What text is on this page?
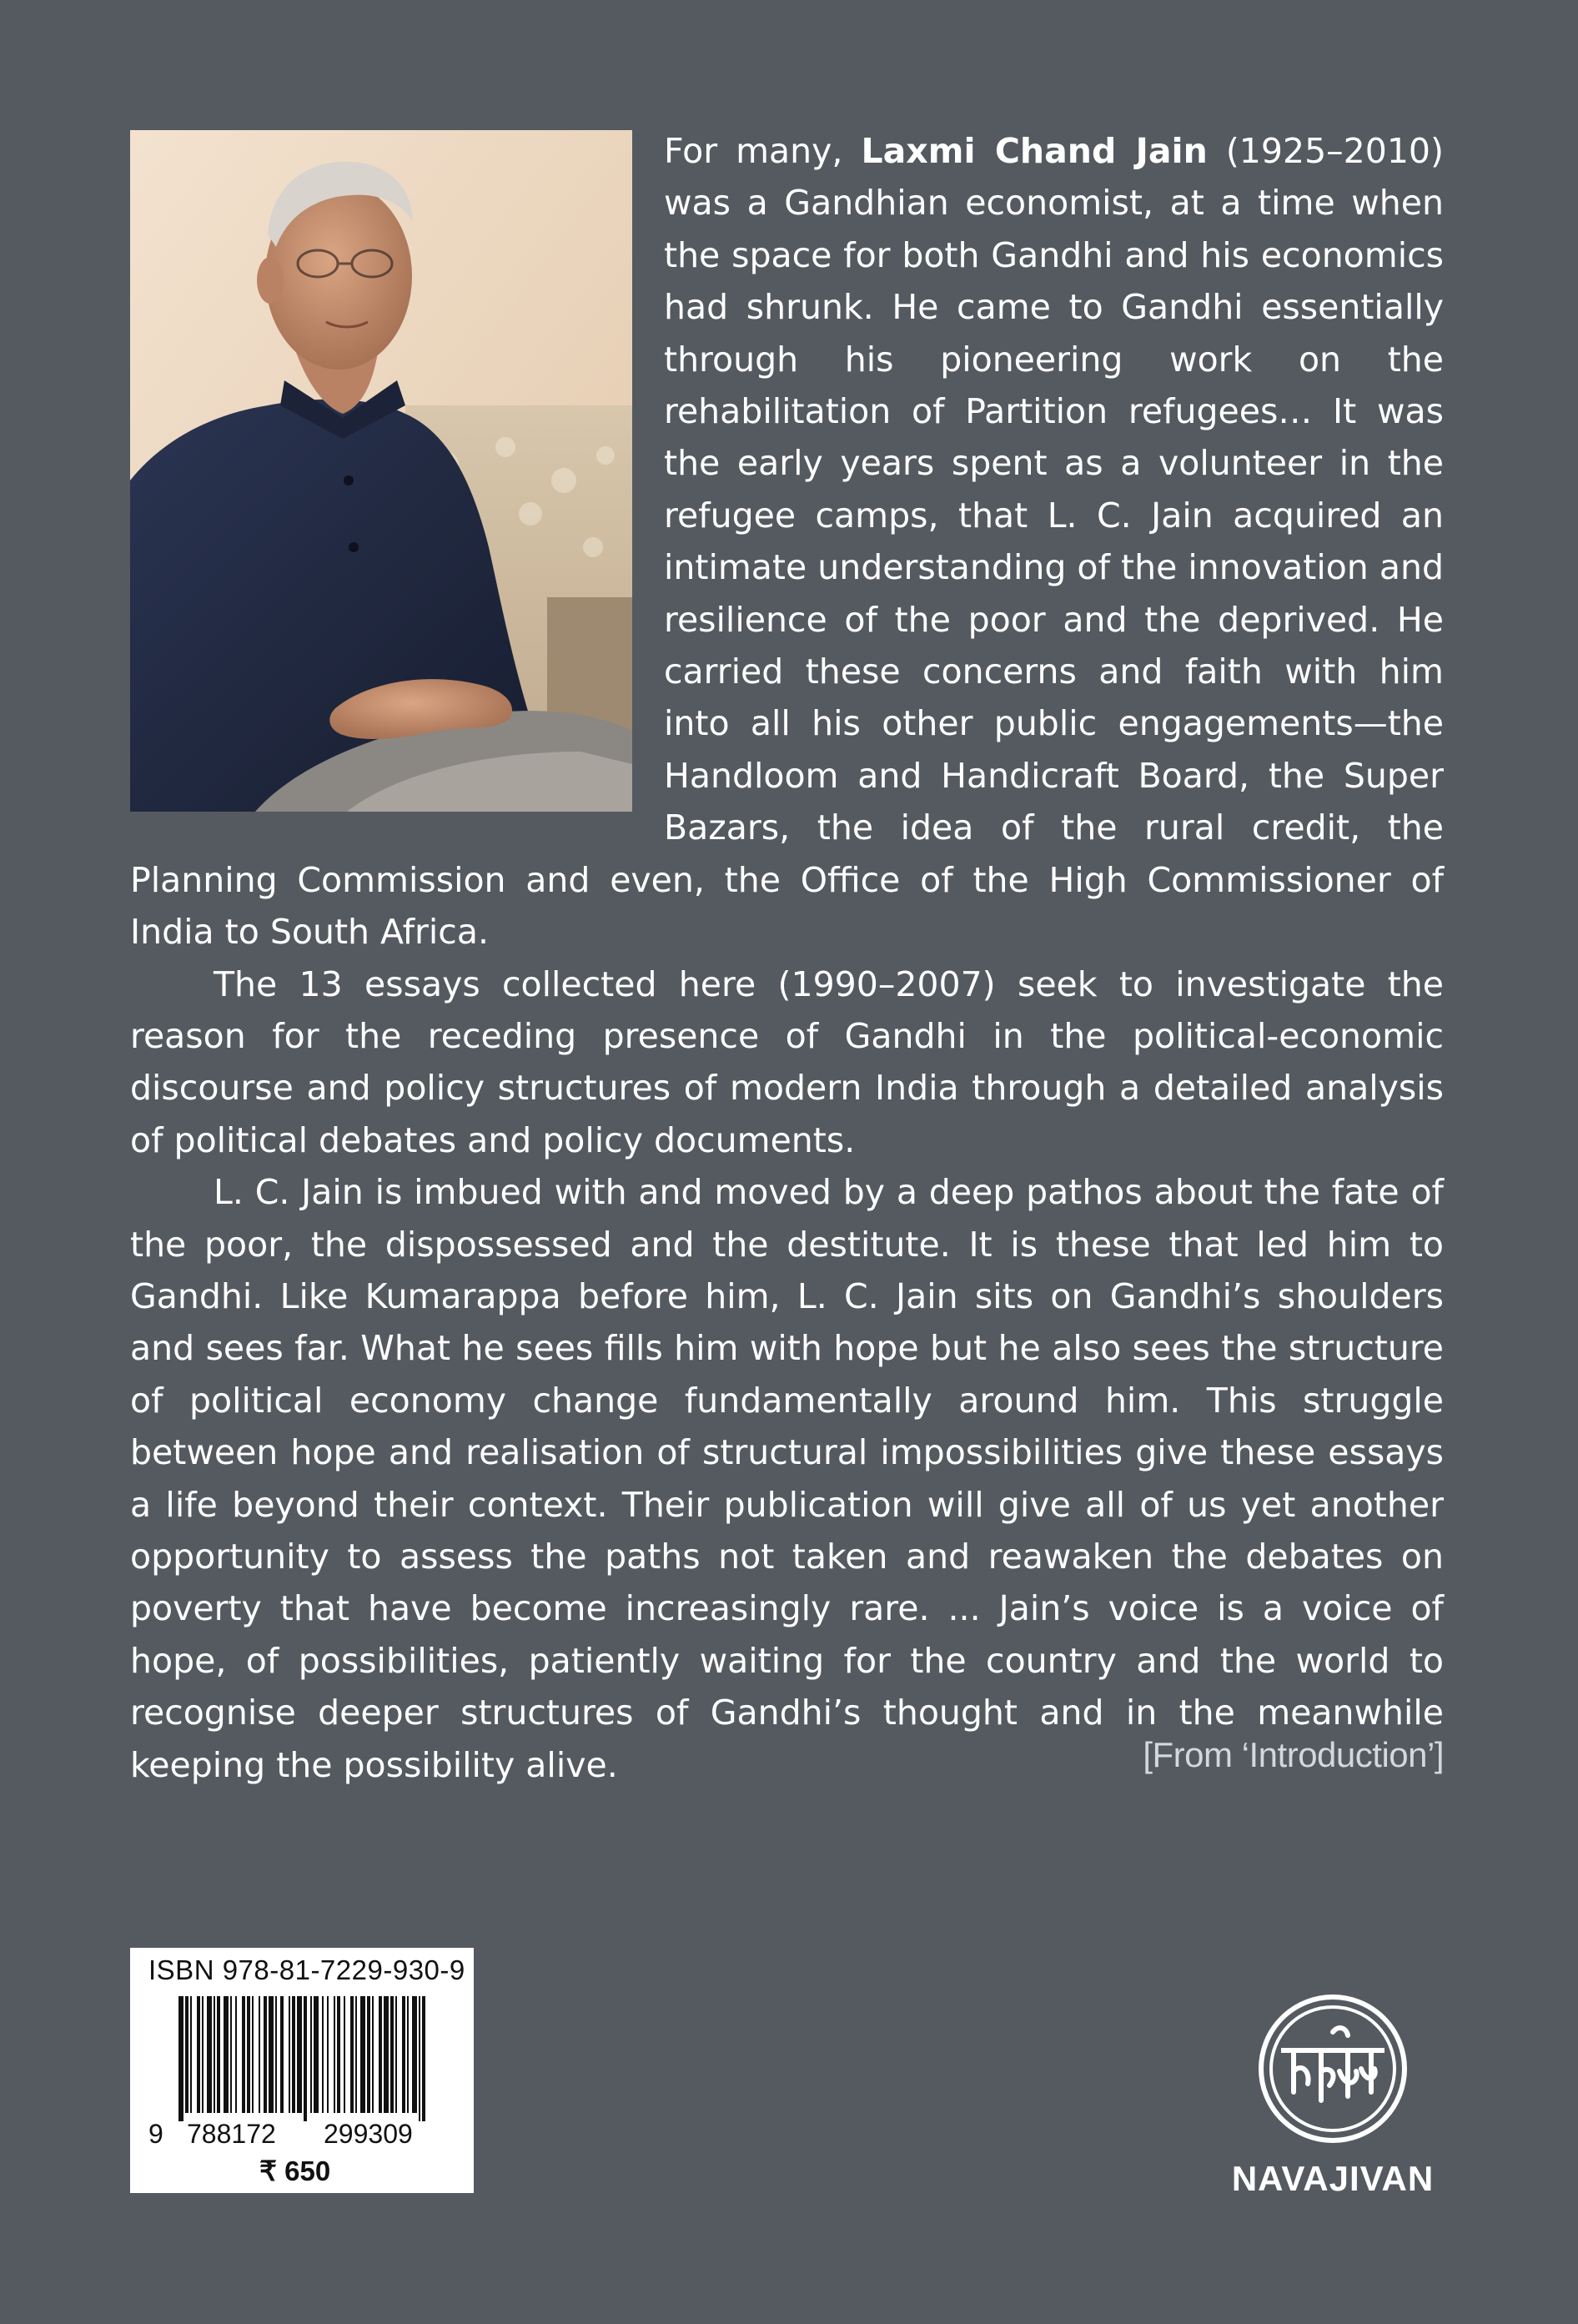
For many, Laxmi Chand Jain (1925–2010) was a Gandhian economist, at a time when the space for both Gandhi and his economics had shrunk. He came to Gandhi essentially through his pioneering work on the rehabilitation of Partition refugees… It was the early years spent as a volunteer in the refugee camps, that L. C. Jain acquired an intimate understanding of the innovation and resilience of the poor and the deprived. He carried these concerns and faith with him into all his other public engagements—the Handloom and Handicraft Board, the Super Bazars, the idea of the rural credit, the Planning Commission and even, the Office of the High Commissioner of India to South Africa.

The 13 essays collected here (1990–2007) seek to investigate the reason for the receding presence of Gandhi in the political-economic discourse and policy structures of modern India through a detailed analysis of political debates and policy documents.

L. C. Jain is imbued with and moved by a deep pathos about the fate of the poor, the dispossessed and the destitute. It is these that led him to Gandhi. Like Kumarappa before him, L. C. Jain sits on Gandhi’s shoulders and sees far. What he sees fills him with hope but he also sees the structure of political economy change fundamentally around him. This struggle between hope and realisation of structural impossibilities give these essays a life beyond their context. Their publication will give all of us yet another opportunity to assess the paths not taken and reawaken the debates on poverty that have become increasingly rare. ... Jain’s voice is a voice of hope, of possibilities, patiently waiting for the country and the world to recognise deeper structures of Gandhi’s thought and in the meanwhile keeping the possibility alive.	[From ‘Introduction’]
ISBN 978-81-7229-930-9
9 788172 299309
₹ 650	NAVAJIVAN
